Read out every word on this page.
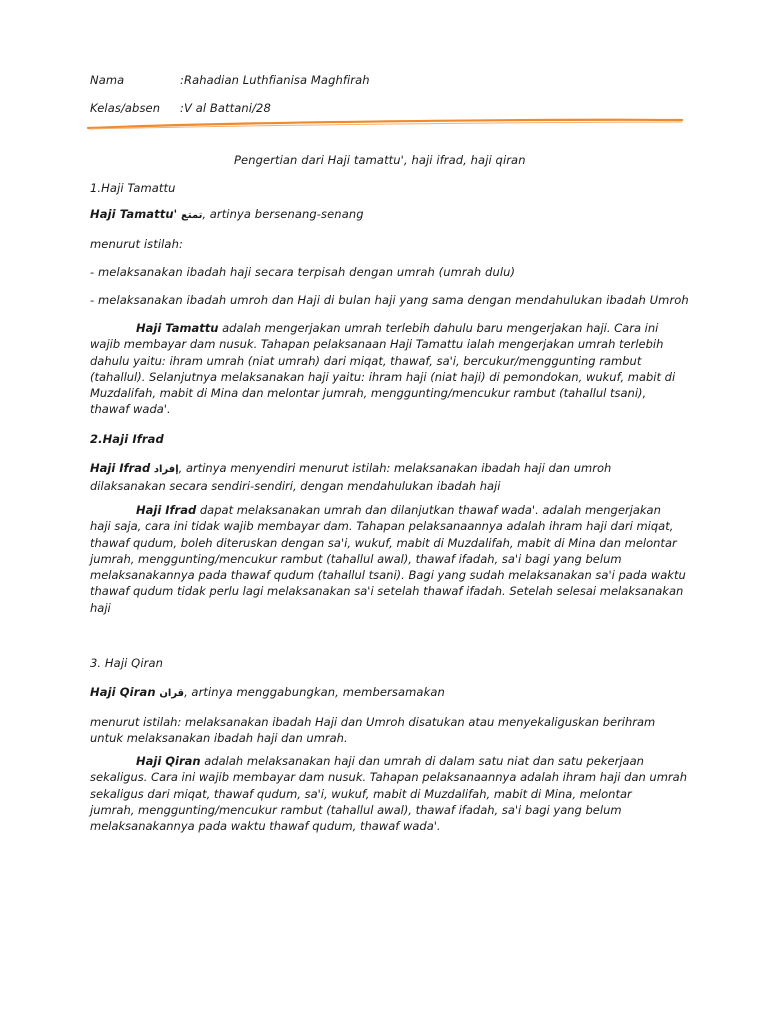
Nama	:Rahadian Luthfianisa Maghfirah
Kelas/absen :V al Battani/28
Pengertian dari Haji tamattu', haji ifrad, haji qiran
1.Haji Tamattu
Haji Tamattu' تمتع, artinya bersenang-senang
menurut istilah:
- melaksanakan ibadah haji secara terpisah dengan umrah (umrah dulu)
- melaksanakan ibadah umroh dan Haji di bulan haji yang sama dengan mendahulukan ibadah Umroh
Haji Tamattu adalah mengerjakan umrah terlebih dahulu baru mengerjakan haji. Cara ini
wajib membayar dam nusuk. Tahapan pelaksanaan Haji Tamattu ialah mengerjakan umrah terlebih
dahulu yaitu: ihram umrah (niat umrah) dari miqat, thawaf, sa'i, bercukur/menggunting rambut
(tahallul). Selanjutnya melaksanakan haji yaitu: ihram haji (niat haji) di pemondokan, wukuf, mabit di
Muzdalifah, mabit di Mina dan melontar jumrah, menggunting/mencukur rambut (tahallul tsani),
thawaf wada'.
2.Haji Ifrad
Haji Ifrad إفراد, artinya menyendiri menurut istilah: melaksanakan ibadah haji dan umroh
dilaksanakan secara sendiri-sendiri, dengan mendahulukan ibadah haji
Haji Ifrad dapat melaksanakan umrah dan dilanjutkan thawaf wada'. adalah mengerjakan
haji saja, cara ini tidak wajib membayar dam. Tahapan pelaksanaannya adalah ihram haji dari miqat,
thawaf qudum, boleh diteruskan dengan sa'i, wukuf, mabit di Muzdalifah, mabit di Mina dan melontar
jumrah, menggunting/mencukur rambut (tahallul awal), thawaf ifadah, sa'i bagi yang belum
melaksanakannya pada thawaf qudum (tahallul tsani). Bagi yang sudah melaksanakan sa'i pada waktu
thawaf qudum tidak perlu lagi melaksanakan sa'i setelah thawaf ifadah. Setelah selesai melaksanakan
haji
3. Haji Qiran
Haji Qiran قران, artinya menggabungkan, membersamakan
menurut istilah: melaksanakan ibadah Haji dan Umroh disatukan atau menyekaliguskan berihram
untuk melaksanakan ibadah haji dan umrah.
Haji Qiran adalah melaksanakan haji dan umrah di dalam satu niat dan satu pekerjaan
sekaligus. Cara ini wajib membayar dam nusuk. Tahapan pelaksanaannya adalah ihram haji dan umrah
sekaligus dari miqat, thawaf qudum, sa'i, wukuf, mabit di Muzdalifah, mabit di Mina, melontar
jumrah, menggunting/mencukur rambut (tahallul awal), thawaf ifadah, sa'i bagi yang belum
melaksanakannya pada waktu thawaf qudum, thawaf wada'.
